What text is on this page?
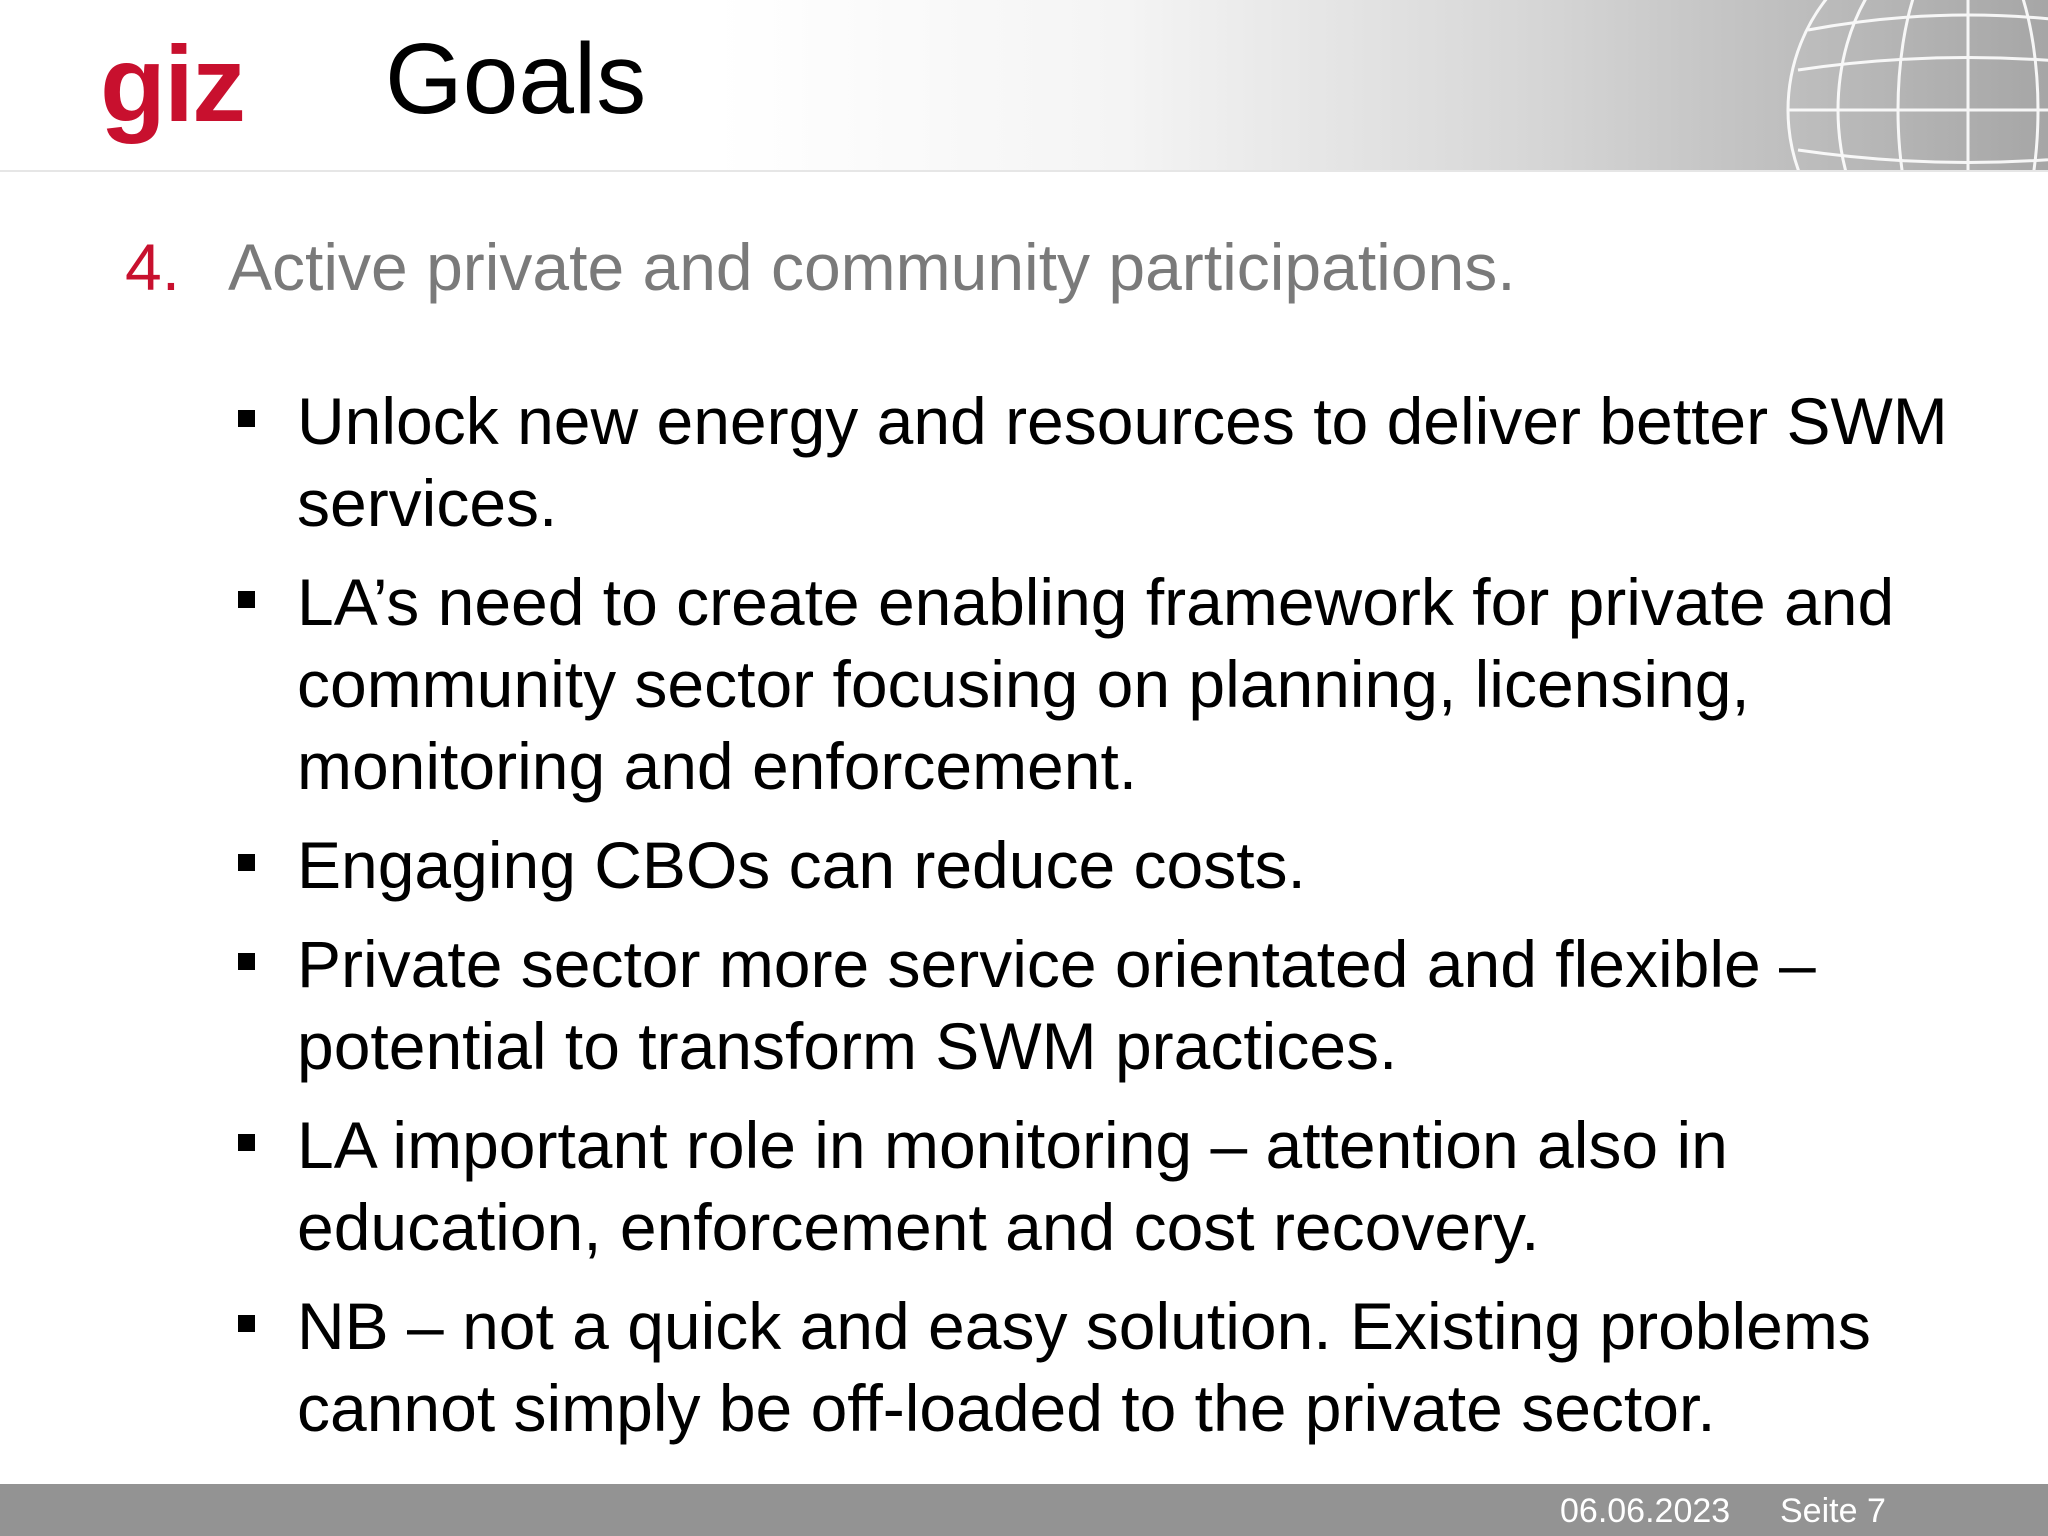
giz Goals
4. Active private and community participations.
Unlock new energy and resources to deliver better SWM services.
LA’s need to create enabling framework for private and community sector focusing on planning, licensing, monitoring and enforcement.
Engaging CBOs can reduce costs.
Private sector more service orientated and flexible – potential to transform SWM practices.
LA important role in monitoring – attention also in education, enforcement and cost recovery.
NB – not a quick and easy solution. Existing problems cannot simply be off-loaded to the private sector.
06.06.2023 Seite 7
